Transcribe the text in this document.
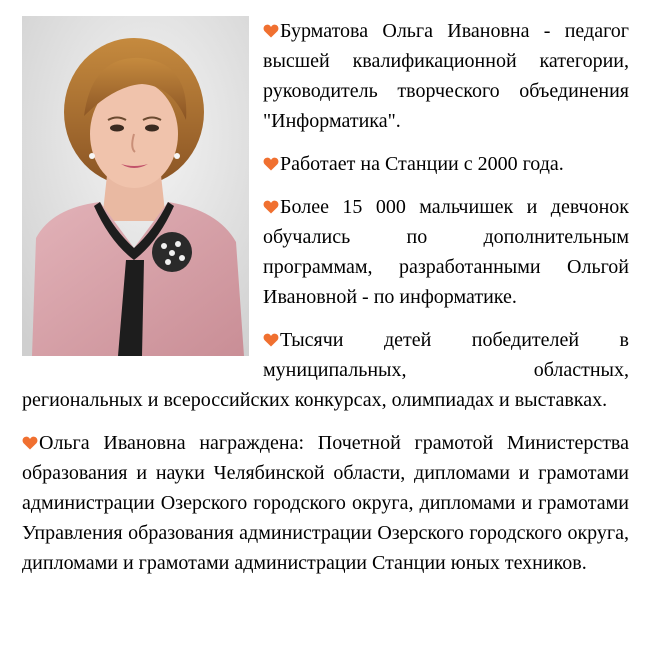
Бурматова Ольга Ивановна - педагог высшей квалификационной категории, руководитель творческого объединения "Информатика".

Работает на Станции с 2000 года.

Более 15 000 мальчишек и девчонок обучались по дополнительным программам, разработанными Ольгой Ивановной - по информатике.

Тысячи детей победителей в муниципальных, областных, региональных и всероссийских конкурсах, олимпиадах и выставках.

Ольга Ивановна награждена: Почетной грамотой Министерства образования и науки Челябинской области, дипломами и грамотами администрации Озерского городского округа, дипломами и грамотами Управления образования администрации Озерского городского округа, дипломами и грамотами администрации Станции юных техников.
